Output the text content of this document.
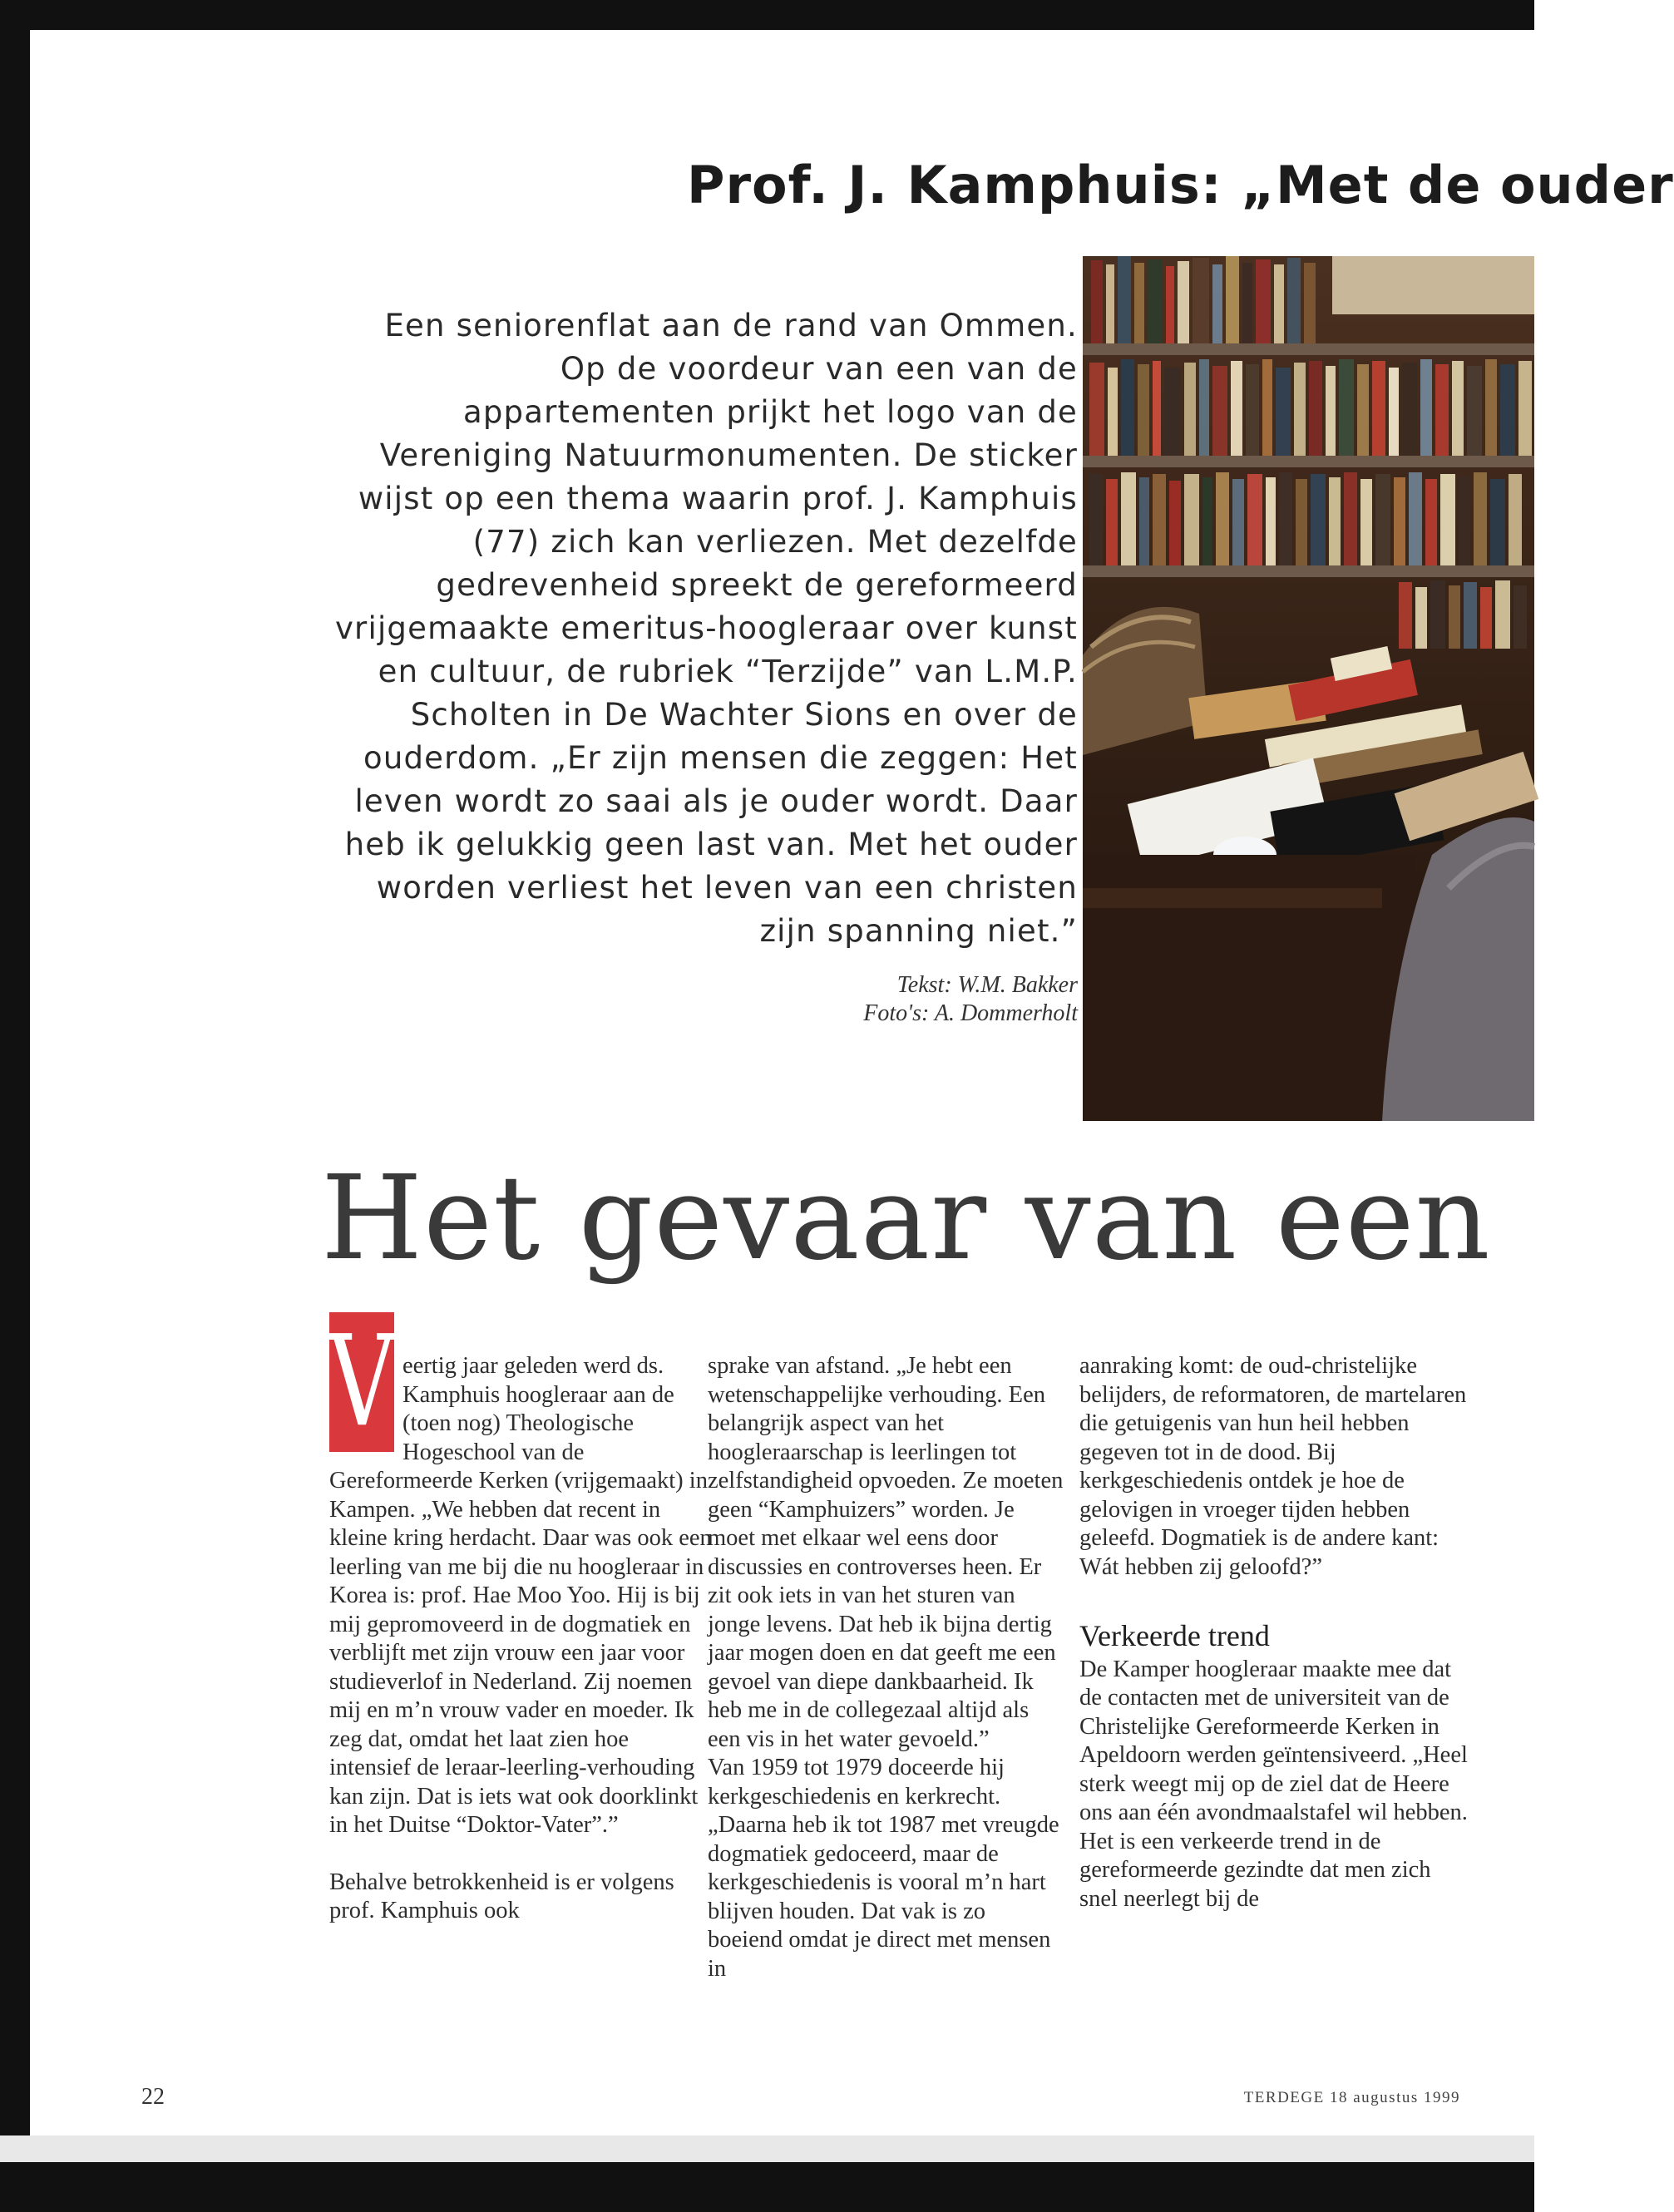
Prof. J. Kamphuis: „Met de ouder
Een seniorenflat aan de rand van Ommen. Op de voordeur van een van de appartementen prijkt het logo van de Vereniging Natuurmonumenten. De sticker wijst op een thema waarin prof. J. Kamphuis (77) zich kan verliezen. Met dezelfde gedrevenheid spreekt de gereformeerd vrijgemaakte emeritus-hoogleraar over kunst en cultuur, de rubriek “Terzijde” van L.M.P. Scholten in De Wachter Sions en over de ouderdom. „Er zijn mensen die zeggen: Het leven wordt zo saai als je ouder wordt. Daar heb ik gelukkig geen last van. Met het ouder worden verliest het leven van een christen zijn spanning niet.”
Tekst: W.M. Bakker
Foto's: A. Dommerholt
Het gevaar van een

V eertig jaar geleden werd ds. Kamphuis hoogleraar aan de (toen nog) Theologische Hogeschool van de Gereformeerde Kerken (vrijgemaakt) in Kampen. „We hebben dat recent in kleine kring herdacht. Daar was ook een leerling van me bij die nu hoogleraar in Korea is: prof. Hae Moo Yoo. Hij is bij mij gepromoveerd in de dogmatiek en verblijft met zijn vrouw een jaar voor studieverlof in Nederland. Zij noemen mij en m’n vrouw vader en moeder. Ik zeg dat, omdat het laat zien hoe intensief de leraar-leerling-verhouding kan zijn. Dat is iets wat ook doorklinkt in het Duitse “Doktor-Vater”.”

Behalve betrokkenheid is er volgens prof. Kamphuis ook

sprake van afstand. „Je hebt een wetenschappelijke verhouding. Een belangrijk aspect van het hoogleraarschap is leerlingen tot zelfstandigheid opvoeden. Ze moeten geen “Kamphuizers” worden. Je moet met elkaar wel eens door discussies en controverses heen. Er zit ook iets in van het sturen van jonge levens. Dat heb ik bijna dertig jaar mogen doen en dat geeft me een gevoel van diepe dankbaarheid. Ik heb me in de collegezaal altijd als een vis in het water gevoeld.”

Van 1959 tot 1979 doceerde hij kerkgeschiedenis en kerkrecht. „Daarna heb ik tot 1987 met vreugde dogmatiek gedoceerd, maar de kerkgeschiedenis is vooral m’n hart blijven houden. Dat vak is zo boeiend omdat je direct met mensen in

aanraking komt: de oud-christelijke belijders, de reformatoren, de martelaren die getuigenis van hun heil hebben gegeven tot in de dood. Bij kerkgeschiedenis ontdek je hoe de gelovigen in vroeger tijden hebben geleefd. Dogmatiek is de andere kant: Wát hebben zij geloofd?”

Verkeerde trend

De Kamper hoogleraar maakte mee dat de contacten met de universiteit van de Christelijke Gereformeerde Kerken in Apeldoorn werden geïntensiveerd. „Heel sterk weegt mij op de ziel dat de Heere ons aan één avondmaalstafel wil hebben. Het is een verkeerde trend in de gereformeerde gezindte dat men zich snel neerlegt bij de

22	TERDEGE 18 augustus 1999
